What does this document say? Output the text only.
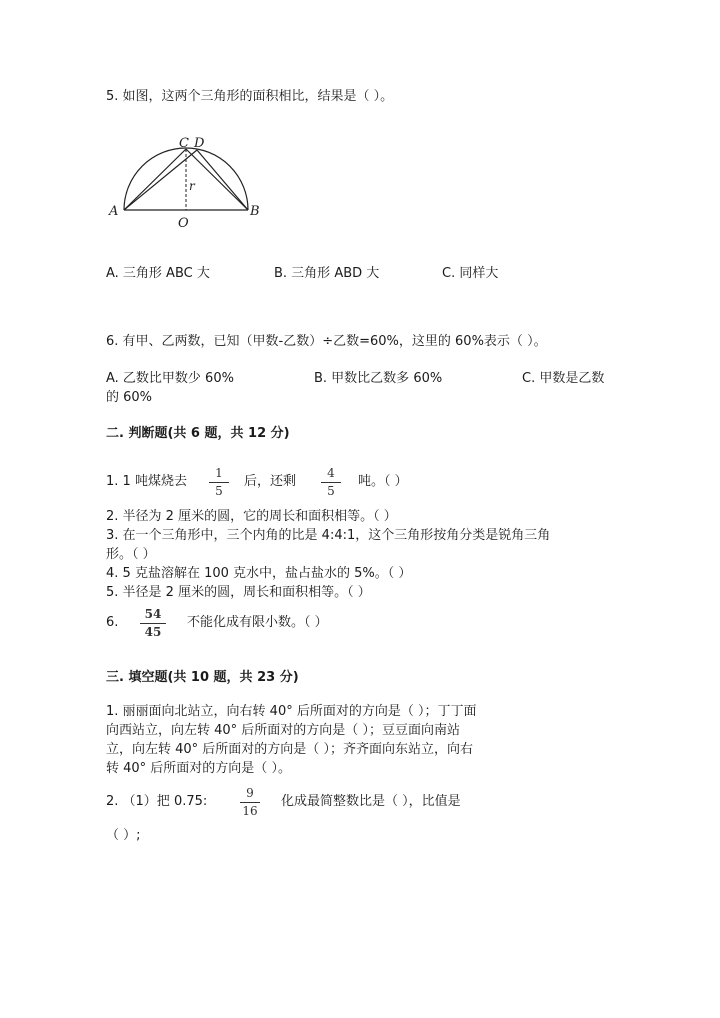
5. 如图，这两个三角形的面积相比，结果是（ ）。
C D
A	B
O
r
A. 三角形 ABC 大	B. 三角形 ABD 大	C. 同样大
6. 有甲、乙两数，已知（甲数-乙数）÷乙数=60%，这里的 60%表示（ ）。
A. 乙数比甲数少 60%	B. 甲数比乙数多 60%	C. 甲数是乙数
的 60%
二. 判断题(共 6 题，共 12 分)
1. 1 吨煤烧去
1
5
后，还剩
4
5
吨。（ ）
2. 半径为 2 厘米的圆，它的周长和面积相等。（ ）
3. 在一个三角形中，三个内角的比是 4:4:1，这个三角形按角分类是锐角三角
形。（ ）
4. 5 克盐溶解在 100 克水中，盐占盐水的 5%。（ ）
5. 半径是 2 厘米的圆，周长和面积相等。（ ）
6.
54
45
不能化成有限小数。（ ）
三. 填空题(共 10 题，共 23 分)
1. 丽丽面向北站立，向右转 40° 后所面对的方向是（ ）；丁丁面
向西站立，向左转 40° 后所面对的方向是（ ）；豆豆面向南站
立，向左转 40° 后所面对的方向是（ ）；齐齐面向东站立，向右
转 40° 后所面对的方向是（ ）。
2. （1）把 0.75:
9
16
化成最简整数比是（ ），比值是
（ ）;
